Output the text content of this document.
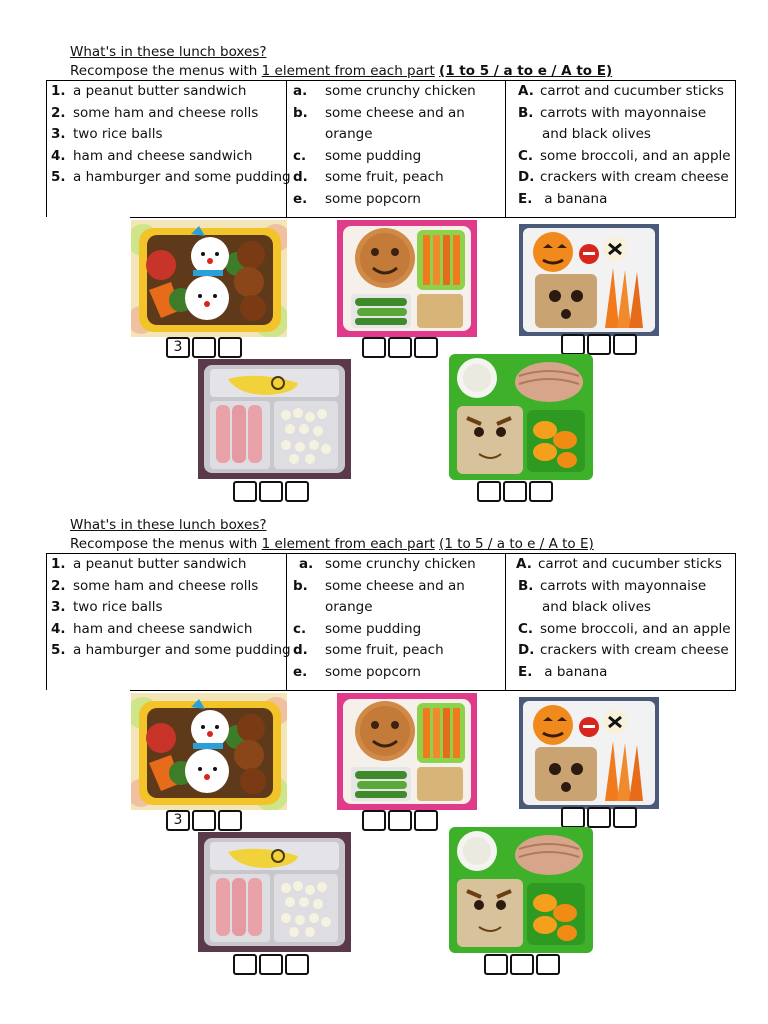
What's in these lunch boxes?
Recompose the menus with 1 element from each part (1 to 5 / a to e / A to E)
1. a peanut butter sandwich
2. some ham and cheese rolls
3. two rice balls
4. ham and cheese sandwich
5. a hamburger and some pudding
a. some crunchy chicken
b. some cheese and an
orange
c. some pudding
d. some fruit, peach
e. some popcorn
A. carrot and cucumber sticks
B. carrots with mayonnaise
and black olives
C. some broccoli, and an apple
D. crackers with cream cheese
E. a banana
3
What's in these lunch boxes?
Recompose the menus with 1 element from each part (1 to 5 / a to e / A to E)
1. a peanut butter sandwich
2. some ham and cheese rolls
3. two rice balls
4. ham and cheese sandwich
5. a hamburger and some pudding
a. some crunchy chicken
b. some cheese and an
orange
c. some pudding
d. some fruit, peach
e. some popcorn
A. carrot and cucumber sticks
B. carrots with mayonnaise
and black olives
C. some broccoli, and an apple
D. crackers with cream cheese
E. a banana
3
